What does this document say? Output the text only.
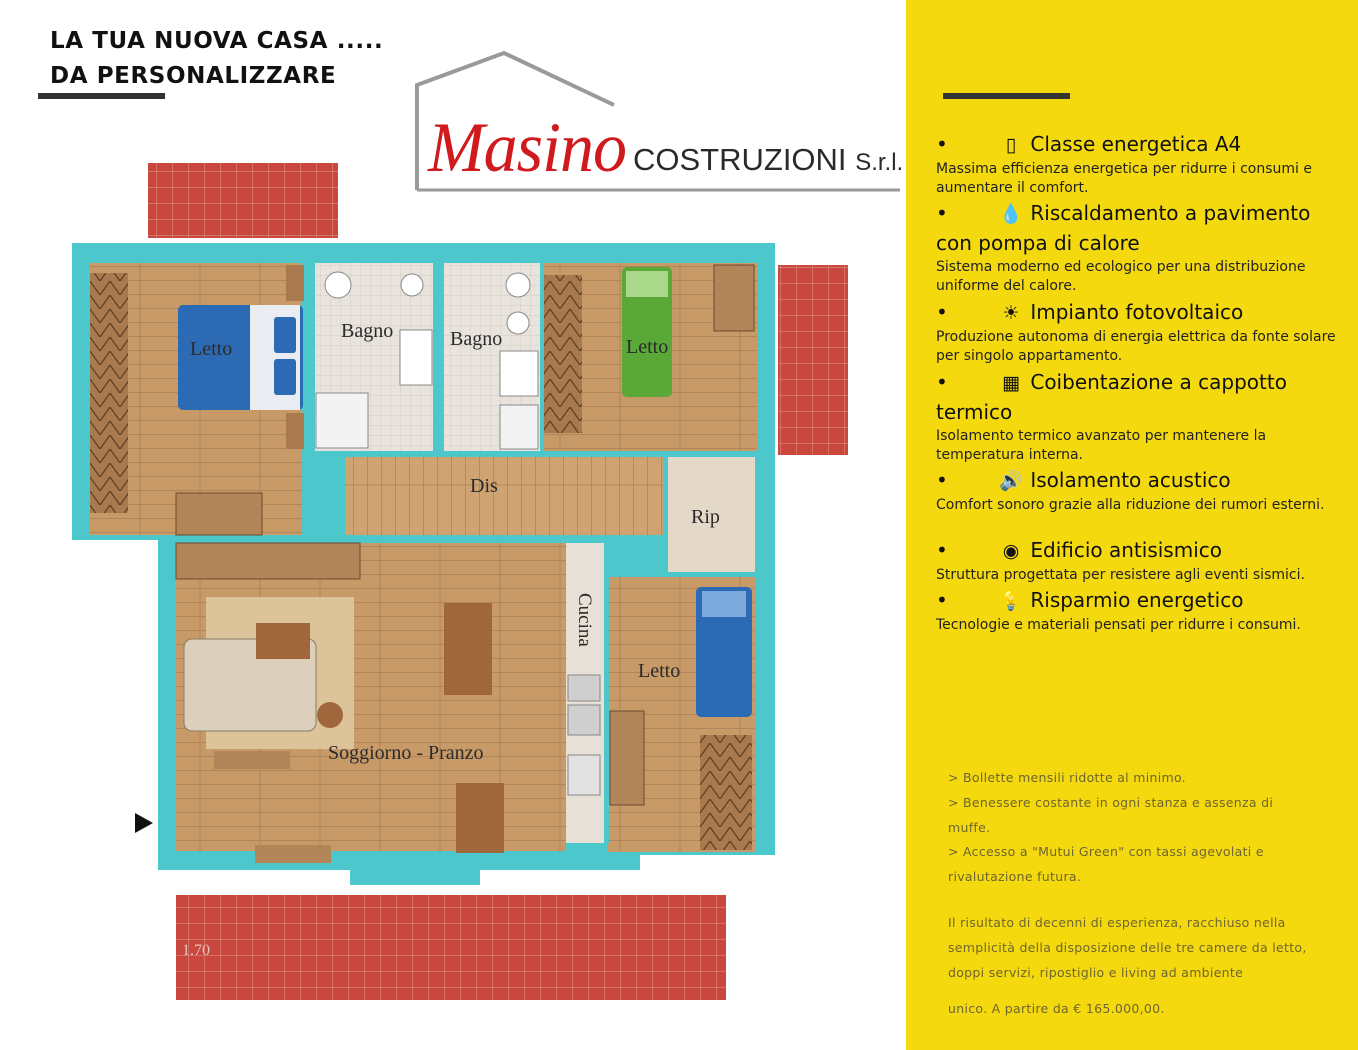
LA TUA NUOVA CASA .....
DA PERSONALIZZARE
Masino COSTRUZIONI S.r.l.
Letto
Bagno	Bagno	Letto
Dis
Rip
Cucina
Letto
Soggiorno - Pranzo
1.70

•	▯ Classe energetica A4

Massima efficienza energetica per ridurre i consumi e aumentare il comfort.

•	💧 Riscaldamento a pavimento con pompa di calore

Sistema moderno ed ecologico per una distribuzione uniforme del calore.

•	☀ Impianto fotovoltaico

Produzione autonoma di energia elettrica da fonte solare per singolo appartamento.

•	▦ Coibentazione a cappotto termico

Isolamento termico avanzato per mantenere la temperatura interna.

•	🔊 Isolamento acustico

Comfort sonoro grazie alla riduzione dei rumori esterni.

•	◉ Edificio antisismico

Struttura progettata per resistere agli eventi sismici.

•	💡 Risparmio energetico

Tecnologie e materiali pensati per ridurre i consumi.

> Bollette mensili ridotte al minimo.
> Benessere costante in ogni stanza e assenza di muffe.
> Accesso a "Mutui Green" con tassi agevolati e rivalutazione futura.
Il risultato di decenni di esperienza, racchiuso nella semplicità della disposizione delle tre camere da letto, doppi servizi, ripostiglio e living ad ambiente
unico. A partire da € 165.000,00.
